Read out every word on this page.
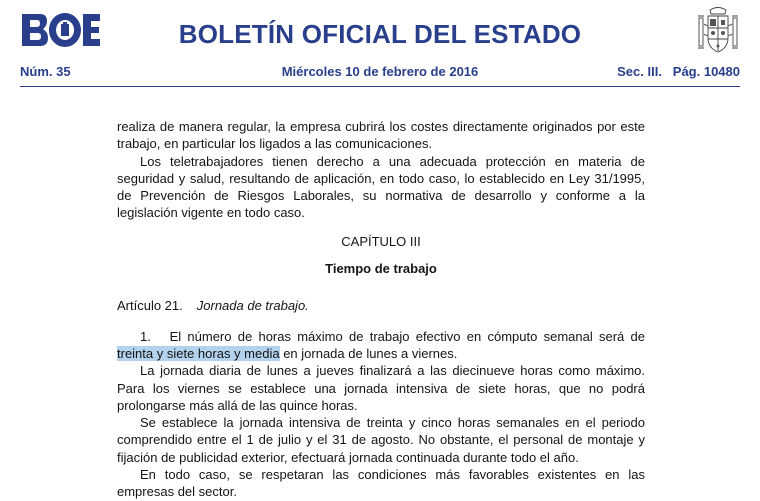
BOLETÍN OFICIAL DEL ESTADO
Núm. 35	Miércoles 10 de febrero de 2016	Sec. III.   Pág. 10480

realiza de manera regular, la empresa cubrirá los costes directamente originados por este trabajo, en particular los ligados a las comunicaciones.

Los teletrabajadores tienen derecho a una adecuada protección en materia de seguridad y salud, resultando de aplicación, en todo caso, lo establecido en Ley 31/1995, de Prevención de Riesgos Laborales, su normativa de desarrollo y conforme a la legislación vigente en todo caso.

CAPÍTULO III

Tiempo de trabajo

Artículo 21. Jornada de trabajo.

1.   El número de horas máximo de trabajo efectivo en cómputo semanal será de treinta y siete horas y media en jornada de lunes a viernes.

La jornada diaria de lunes a jueves finalizará a las diecinueve horas como máximo. Para los viernes se establece una jornada intensiva de siete horas, que no podrá prolongarse más allá de las quince horas.

Se establece la jornada intensiva de treinta y cinco horas semanales en el periodo comprendido entre el 1 de julio y el 31 de agosto. No obstante, el personal de montaje y fijación de publicidad exterior, efectuará jornada continuada durante todo el año.

En todo caso, se respetaran las condiciones más favorables existentes en las empresas del sector.
